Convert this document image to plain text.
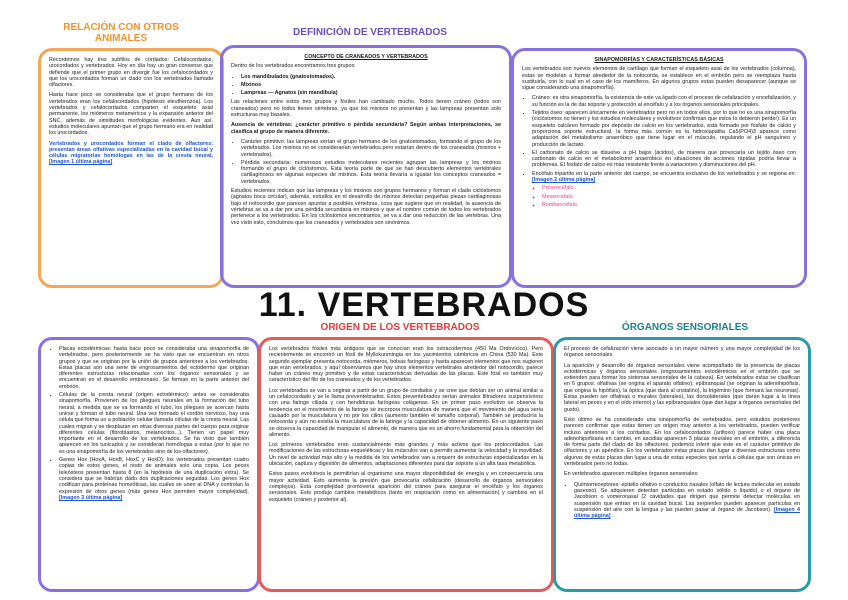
RELACIÓN CON OTROS ANIMALES

Recordemos hay tres subfilos de cordados: Cefalocordados, urocordados y vertebrados. Hoy en día hay un gran consenso que defiende que el primer grupo en divergir fue los cefalocordados y que los urocordados forman un clado con los vertebrados llamado olfactores.

Hasta hace poco se consideraba que el grupo hermano de los vertebrados eran los cefalocordados (hipótesis eleutherozoa). Los vertebrados y cefalocordados comparten el esqueleto axial permanente, los miómeros metaméricos y la expansión anterior del SNC, además de similitudes morfológicas evidentes. Aun así, estudios moleculares apuntan que el grupo hermano era en realidad los urocordados.

Vertebrados y urocordados forman el clado de olfactores: presentan áreas olfativas especializadas en la cavidad bucal y células migratorias homólogas en las de la cresta neural. [Imagen 1 última página]

DEFINICIÓN DE VERTEBRADOS
CONCEPTO DE CRANEADOS Y VERTEBRADOS

Dentro de los vertebrados encontramos tres grupos:

• Los mandibulados (gnatostomados).
• Mixinos
• Lampreas — Agnatos (sin mandíbula)

Las relaciones entre estos tres grupos y fósiles han cambiado mucho. Todos tienen cráneo (todos son craneados) pero no todos tienen vértebras, ya que los mixinos no presentan y las lampreas presentan solo estructuras muy basales.

Ausencia de vértebras: ¿carácter primitivo o pérdida secundaria? Según ambas interpretaciones, se clasifica al grupo de manera diferente.

• Carácter primitivo: las lampreas serían el grupo hermano de los gnatostomados, formando el grupo de los vertebrados. Los mixinos no se considerarían vertebrados pero estarían dentro de los craneados (mixinos + vertebrados).
• Pérdida secundaria: numerosos estudios moleculares recientes agrupan las lampreas y los mixinos formando el grupo de ciclóstomos. Esta teoría parte de que se han descubierto elementos vertebrales cartilaginosos en algunas especies de mixinos. Esta teoría llevaría a igualar los conceptos craneados = vertebrados.

Estudios recientes indican que las lampreas y los mixinos son grupos hermanos y forman el clado ciclóstomos (agnatos boca circular), además, estudios en el desarrollo de mixinos detectan pequeñas piezas cartilaginosas bajo el notocordio que parecen apuntar a posibles vértebras, cosa que sugiere que en realidad, la ausencia de vértebras se va a dar por una pérdida secundaria en mixinos y que el nombre común de todos los vertebrados pertenece a los vertebrados. En los ciclóstomos encontramos, se va a dar una reducción de las vértebras. Una vez visto esto, concluimos que los craneados y vertebrados son sinónimos.

SINAPOMORFÍAS Y CARACTERÍSTICAS BÁSICAS

Los vertebrados son nuevos elementos de cartílago que forman el esqueleto axial de los vertebrados (columna), estas se modelan a formar alrededor de la notocorda, se establece en el embrión pero se reemplaza hasta sustituirla, con lo cual en el caso de los mamíferos. En algunos grupos estas pueden desaparecer (aunque se sigue considerando una sinapomorfía).

• Cráneo: es otra sinapomorfía, la existencia de este va ligado con el proceso de cefalización y encefalización, y su función es la de dar soporte y protección al encéfalo y a los órganos sensoriales principales.
• Tejidos óseo: aparecen únicamente en vertebrados pero no en todos ellos, por lo que no es una sinapomorfía (ciclóstomos no tienen y los estudios moleculares y evolutivos confirman que estos lo debieron perder). Es un esqueleto calcáreo formado por depósito de calcio en los vertebrados, está formado por fosfato de calcio y proporciona soporte estructural, la forma más común es la hidroxiapatita Ca5(PO4)3 aparece como adaptación del metabolismo anaeróbico que tiene lugar en el músculo, regulando el pH sanguíneo y producción de lactato.
• El carbonato de calcio se disuelve a pH bajos (ácidos), de manera que provocaría un tejido óseo con carbonato de calcio en el metabolismo anaeróbico en situaciones de acciones rápidas podría llevar a problemas. El fosfato de calcio es más resistente frente a variaciones y disminuciones del pH.
• Encéfalo tripartito en la parte anterior del cuerpo, se encuentra exclusivo de los vertebrados y se regiona en: [Imagen 2 última página]
◦ Prosencéfalo.
◦ Mesencéfalo.
◦ Rombencéfalo.
11. VERTEBRADOS
ORIGEN DE LOS VERTEBRADOS	ÓRGANOS SENSORIALES
• Placas ectodérmicas: hasta hace poco se consideraba una sinapomorfía de vertebrados, pero posteriormente se ha visto que se encuentran en otros grupos y que se originan por la unión de grupos anteriores a los vertebrados. Estas placas son una serie de engrosamientos del ectodermo que originan diferentes estructuras relacionadas con los órganos sensoriales y se encuentran en el desarrollo embrionario. Se forman en la parte anterior del embrión.
• Células de la cresta neural (origen ectodérmico): antes se consideraba sinapomorfía. Provienen de los pliegues neurales en la formación del tubo neural, a medida que se va formando el tubo, los pliegues se acercan hasta unirse y forman el tubo neural. Una vez formado el cordón nervioso, hay una célula que forma un a población celular llamada células de la cresta neural. Las cuales migran y se desplazan en otras diversas partes del cuerpo para originar diferentes células (fibroblastos, melanocitos...). Tienen un papel muy importante en el desarrollo de los vertebrados. Se ha visto que también aparecen en los tunicados y se consideran homólogas a estas (por lo que no es una sinapomorfía de los vertebrados sino de los olfactores).
• Genes Hox (HoxA, HoxB, HoxC y HoxD): los vertebrados presentan cuatro copias de estos genes, el resto de animales solo una copia. Los peces teleósteos presentan hasta 8 (en la hipótesis de una duplicación extra). Se considera que se habrían dado dos duplicaciones seguidas. Los genes Hox codifican para proteínas homeóticas, las cuales se unen al DNA y controlan la expresión de otros genes (más genes Hox permiten mayor complejidad). [Imagen 3 última página]

Los vertebrados fósiles más antiguos que se conocían eran los ostracodermos (450 Ma Ordovícico). Pero recientemente se encontró un fósil de Myllokunmingia en los yacimientos cámbricos en China (530 Ma). Este segundo ejemplar presenta notocorda, miómeros, bolsas faríngeas y hasta aparecen elementos que nos sugieren que eran vertebrados, y aquí observamos que hay unos elementos vertebrales alrededor del notocordio, parece haber un cráneo muy primitivo y de estas características derivadas de las placas. Este fósil es también muy característico del filo de los craneados y de los vertebrados.

Los vertebrados se van a originar a partir de un grupo de cordados y se cree que debían ser un animal similar a un cefalocordado y se le llama preventebrados. Estos preventebrados serían animales filtradores suspensívoros con una faringe ciliada y con hendiduras faríngeas colágenas. En un primer paso evolutivo se observa la tendencia en el movimiento de la faringe se incorpora musculatura de manera que el movimiento del agua sería causado por la musculatura y no por los cilios (aumento también el tamaño corporal). También se produciría la notocorda y aún no existía la musculatura de la faringe y la capacidad de obtener alimento. En un siguiente paso se observa la capacidad de manipular el alimento, de manera que es un ahorro fundamental para la obtención del alimento.

Los primeros vertebrados eran sustancialmente más grandes y más activos que los protocordados. Las modificaciones de las estructuras esqueléticas y los músculos van a permitir aumentar la velocidad y la movilidad. Un nivel de actividad más alto y la medida de los vertebrados van a requerir de estructuras especializadas en la ubicación, captura y digestión de alimentos, adaptaciones diferentes para dar soporte a un alta tasa metabólica.

Estos pasos evolutivos le permitirían al organismo una mayor disponibilidad de energía y en consecuencia una mayor actividad. Esto aumenta la presión que provocaría cefalización (desarrollo de órganos sensoriales complejos). Esta complejidad promovería aparición del cráneo para asegurar el encéfalo y los órganos sensoriales. Esto produjo cambios metabólicos (tanto en respiración como en alimentación) y cambios en el esqueleto (cráneo y posterior al).

El proceso de cefalización viene asociado a un mayor número y una mayor complejidad de los órganos sensoriales.

La aparición y desarrollo de órganos sensoriales viene acompañado de la presencia de placas ectodérmicas y órganos sensoriales (engrosamientos ectodérmicos en el embrión que se extienden para formar los sistemas sensoriales de la cabeza). En vertebrados estas se clasifican en 6 grupos: olfativas (se origina el aparato olfativo), epibranquial (se originan la adenohipófisis, que origina la hipófisis), la óptica (que dará al cristalino), la trigémino (que formará las neuronas). Estas pueden ser olfativas o murales (laterales), las dorsolaterales (que darán lugar a la línea lateral en peces y en el oído interno) y las epibranquiales (que dan lugar a órganos sensoriales del gusto).

Esto último se ha considerado una sinapomorfía de vertebrados, pero estudios posteriores parecen confirmar que estas tienen un origen muy anterior a los vertebrados, pueden verificar incluso anteriores a los cordados. En los cefalocordados (anfioxo) parece haber una placa adenohipofisaria en cambio, en ascidias aparecen 3 placas neurales en el embrión, a diferencia de forma parte del clado de los olfactores: podemos inferir que este es el carácter primitivo de olfactores y un apéndice. En los vertebrados estas placas dan lugar a diversas estructuras como algunas de estas placas dan lugar a una de estas especies que sería a células que son únicas en vertebrados pero no todas.

En vertebrados aparecen múltiples órganos sensoriales:

• Quimiorreceptores: epitelio olfativo o conductos nasales (olfato de lectura molecular en estado gaseoso). Se adquieren detectan partículas en estado sólido o líquido) o el órgano de Jacobson o vomeronasal (2 cavidades que dirigen que permite detectar moléculas en suspensión que entran en la cavidad bucal. Las serpientes pueden aparecer partículas en suspensión del aire con la lengua y las pueden pasar al órgano de Jacobson). [Imagen 4 última página]
